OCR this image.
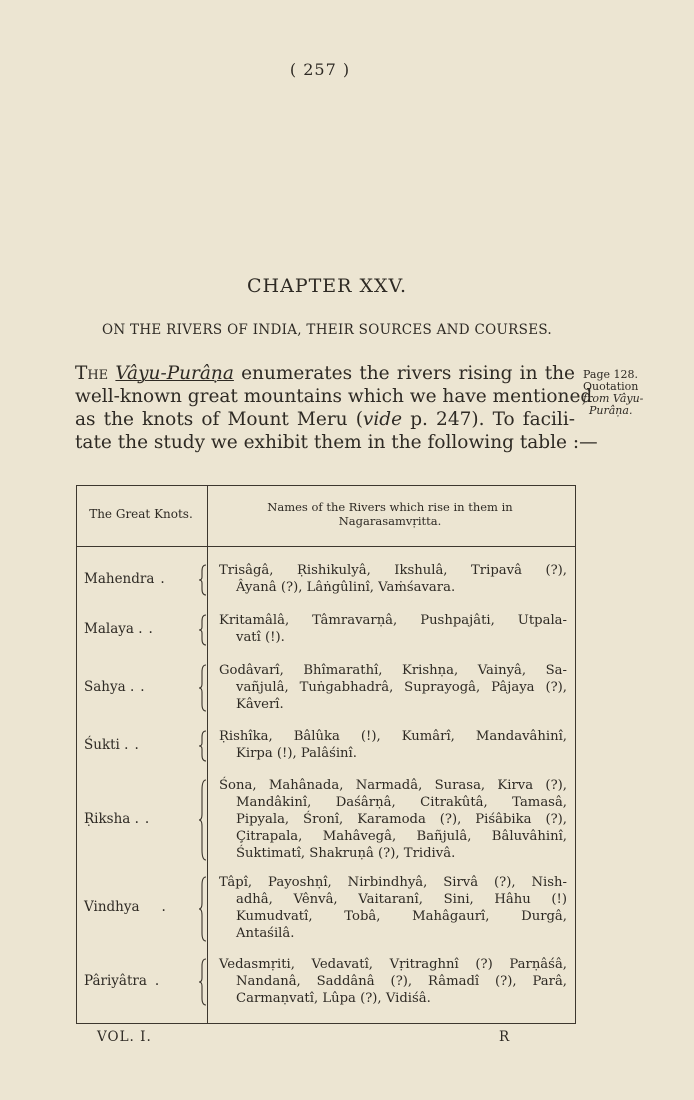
( 257 )
CHAPTER XXV.
ON THE RIVERS OF INDIA, THEIR SOURCES AND COURSES.
The Vâyu-Purâṇa enumerates the rivers rising in the
well-known great mountains which we have mentioned
as the knots of Mount Meru (vide p. 247). To facili-
tate the study we exhibit them in the following table :—
Page 128.
Quotation
from Vâyu-
Purâṇa.
The Great Knots.	Names of the Rivers which rise in them in
Nagarasamvṛitta.
Mahendra .
Trisâgâ, Ṛishikulyâ, Ikshulâ, Tripavâ (?),
Âyanâ (?), Lâṅgûlinî, Vaṁśavara.
Malaya . .
Kritamâlâ, Tâmravarṇâ, Pushpajâti, Utpala-
vatî (!).
Sahya . .
Godâvarî, Bhîmarathî, Krishṇa, Vainyâ, Sa-
vañjulâ, Tuṅgabhadrâ, Suprayogâ, Pâjaya (?),
Kâverî.
Śukti . .
Ṛishîka, Bâlûka (!), Kumârî, Mandavâhinî,
Kirpa (!), Palâśinî.
Ṛiksha . .
Śona, Mahânada, Narmadâ, Surasa, Kirva (?),
Mandâkinî, Daśârṇâ, Citrakûtâ, Tamasâ,
Pipyala, Śronî, Karamoda (?), Piśâbika (?),
Çitrapala, Mahâvegâ, Bañjulâ, Bâluvâhinî,
Śuktimatî, Shakruṇâ (?), Tridivâ.
Vindhya .
Tâpî, Payoshṇî, Nirbindhyâ, Sirvâ (?), Nish-
adhâ, Vênvâ, Vaitaranî, Sini, Hâhu (!)
Kumudvatî, Tobâ, Mahâgaurî, Durgâ,
Antaśilâ.
Pâriyâtra .
Vedasmṛiti, Vedavatî, Vṛitraghnî (?) Parṇâśâ,
Nandanâ, Saddânâ (?), Râmadî (?), Parâ,
Carmaṇvatî, Lûpa (?), Vidiśâ.
VOL. I.	R
